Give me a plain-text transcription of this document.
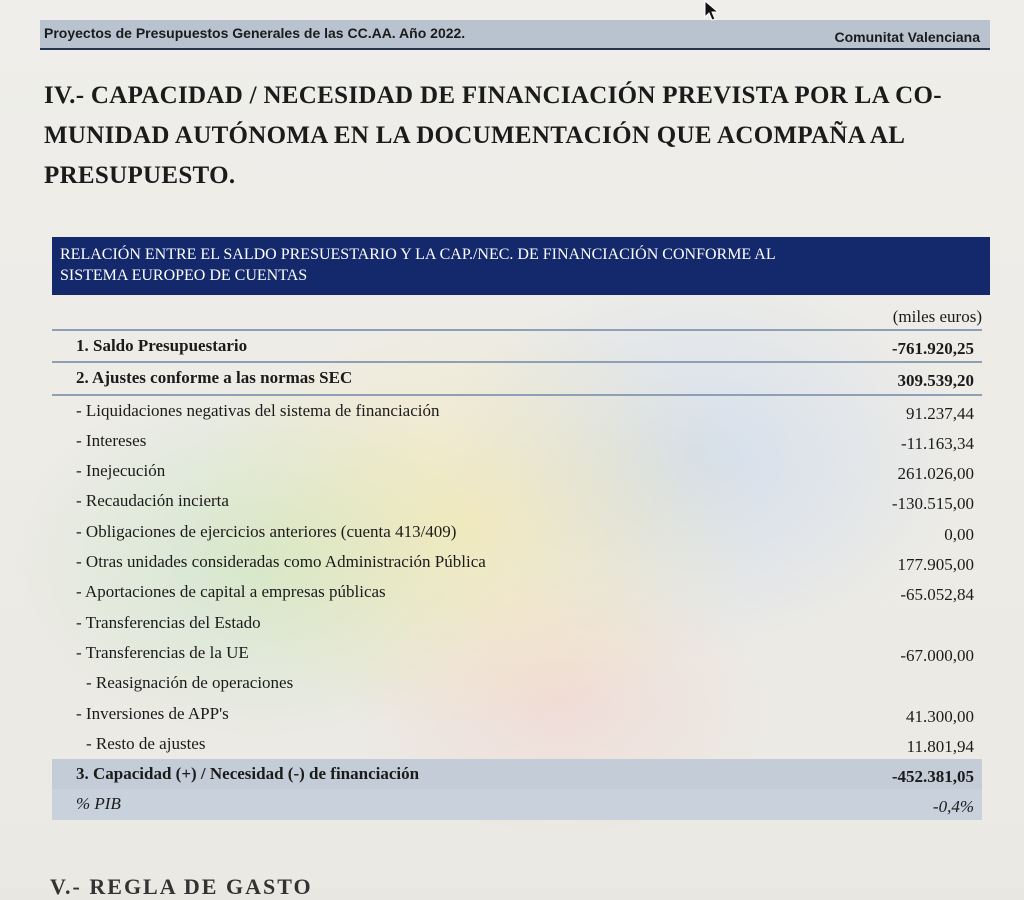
Proyectos de Presupuestos Generales de las CC.AA. Año 2022.	Comunitat Valenciana
IV.- CAPACIDAD / NECESIDAD DE FINANCIACIÓN PREVISTA POR LA CO-
MUNIDAD AUTÓNOMA EN LA DOCUMENTACIÓN QUE ACOMPAÑA AL
PRESUPUESTO.
RELACIÓN ENTRE EL SALDO PRESUESTARIO Y LA CAP./NEC. DE FINANCIACIÓN CONFORME AL
SISTEMA EUROPEO DE CUENTAS
(miles euros)
1. Saldo Presupuestario	-761.920,25
2. Ajustes conforme a las normas SEC	309.539,20
- Liquidaciones negativas del sistema de financiación	91.237,44
- Intereses	-11.163,34
- Inejecución	261.026,00
- Recaudación incierta	-130.515,00
- Obligaciones de ejercicios anteriores (cuenta 413/409)	0,00
- Otras unidades consideradas como Administración Pública	177.905,00
- Aportaciones de capital a empresas públicas	-65.052,84
- Transferencias del Estado
- Transferencias de la UE	-67.000,00
- Reasignación de operaciones
- Inversiones de APP's	41.300,00
- Resto de ajustes	11.801,94
3. Capacidad (+) / Necesidad (-) de financiación	-452.381,05
% PIB	-0,4%
V.- REGLA DE GASTO
